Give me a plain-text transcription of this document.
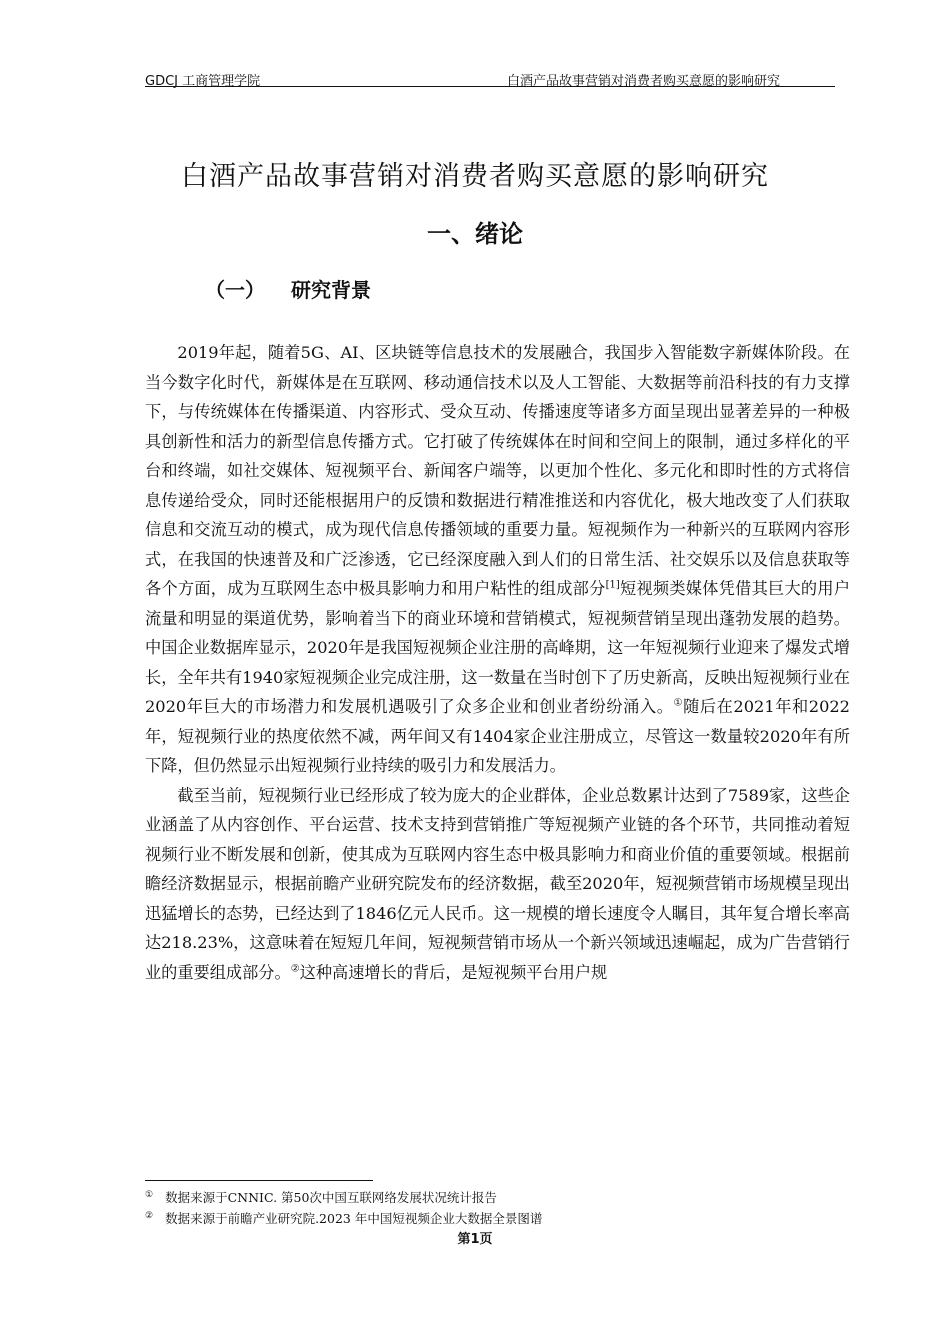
GDCJ 工商管理学院	白酒产品故事营销对消费者购买意愿的影响研究
白酒产品故事营销对消费者购买意愿的影响研究
一、绪论
（一） 研究背景

2019年起，随着5G、AI、区块链等信息技术的发展融合，我国步入智能数字新媒体阶段。在当今数字化时代，新媒体是在互联网、移动通信技术以及人工智能、大数据等前沿科技的有力支撑下，与传统媒体在传播渠道、内容形式、受众互动、传播速度等诸多方面呈现出显著差异的一种极具创新性和活力的新型信息传播方式。它打破了传统媒体在时间和空间上的限制，通过多样化的平台和终端，如社交媒体、短视频平台、新闻客户端等，以更加个性化、多元化和即时性的方式将信息传递给受众，同时还能根据用户的反馈和数据进行精准推送和内容优化，极大地改变了人们获取信息和交流互动的模式，成为现代信息传播领域的重要力量。短视频作为一种新兴的互联网内容形式，在我国的快速普及和广泛渗透，它已经深度融入到人们的日常生活、社交娱乐以及信息获取等各个方面，成为互联网生态中极具影响力和用户粘性的组成部分[1]短视频类媒体凭借其巨大的用户流量和明显的渠道优势，影响着当下的商业环境和营销模式，短视频营销呈现出蓬勃发展的趋势。中国企业数据库显示，2020年是我国短视频企业注册的高峰期，这一年短视频行业迎来了爆发式增长，全年共有1940家短视频企业完成注册，这一数量在当时创下了历史新高，反映出短视频行业在2020年巨大的市场潜力和发展机遇吸引了众多企业和创业者纷纷涌入。①随后在2021年和2022年，短视频行业的热度依然不减，两年间又有1404家企业注册成立，尽管这一数量较2020年有所下降，但仍然显示出短视频行业持续的吸引力和发展活力。

截至当前，短视频行业已经形成了较为庞大的企业群体，企业总数累计达到了7589家，这些企业涵盖了从内容创作、平台运营、技术支持到营销推广等短视频产业链的各个环节，共同推动着短视频行业不断发展和创新，使其成为互联网内容生态中极具影响力和商业价值的重要领域。根据前瞻经济数据显示，根据前瞻产业研究院发布的经济数据，截至2020年，短视频营销市场规模呈现出迅猛增长的态势，已经达到了1846亿元人民币。这一规模的增长速度令人瞩目，其年复合增长率高达218.23%，这意味着在短短几年间，短视频营销市场从一个新兴领域迅速崛起，成为广告营销行业的重要组成部分。②这种高速增长的背后，是短视频平台用户规

① 数据来源于CNNIC. 第50次中国互联网络发展状况统计报告
② 数据来源于前瞻产业研究院.2023 年中国短视频企业大数据全景图谱
第1页
